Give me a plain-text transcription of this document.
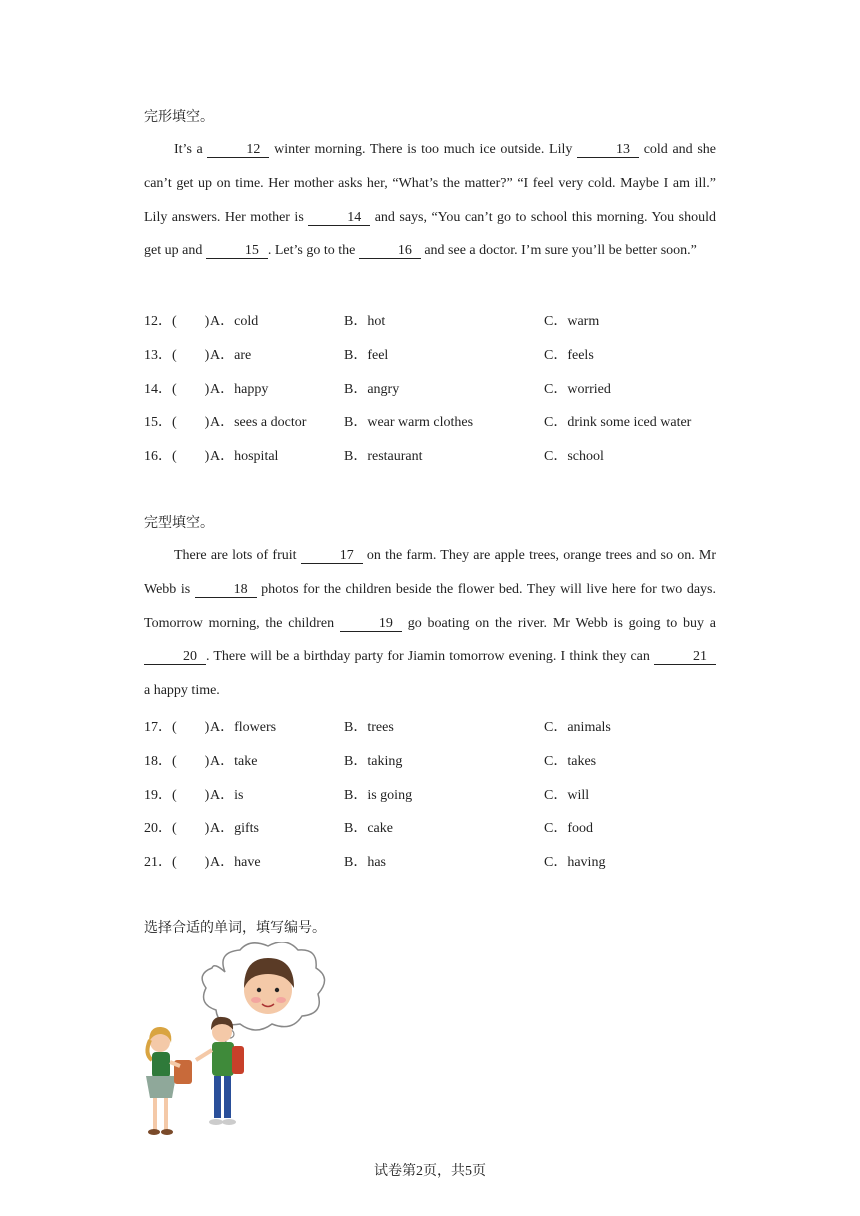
完形填空。
It’s a	12 winter morning. There is too much ice outside. Lily	13 cold and she can’t get up on time. Her mother asks her, “What’s the matter?” “I feel very cold. Maybe I am ill.” Lily answers. Her mother is	14 and says, “You can’t go to school this morning. You should get up and	15 . Let’s go to the	16 and see a doctor. I’m sure you’ll be better soon.”
12．(　　) A．cold	B．hot	C．warm
13．(　　) A．are	B．feel	C．feels
14．(　　) A．happy	B．angry	C．worried
15．(　　) A．sees a doctor	B．wear warm clothes	C．drink some iced water
16．(　　) A．hospital	B．restaurant	C．school
完型填空。
There are lots of fruit	17 on the farm. They are apple trees, orange trees and so on. Mr Webb is	18 photos for the children beside the flower bed. They will live here for two days. Tomorrow morning, the children	19 go boating on the river. Mr Webb is going to buy a 20 . There will be a birthday party for Jiamin tomorrow evening. I think they can	21 a happy time.
17．(　　) A．flowers	B．trees	C．animals
18．(　　) A．take	B．taking	C．takes
19．(　　) A．is	B．is going	C．will
20．(　　) A．gifts	B．cake	C．food
21．(　　) A．have	B．has	C．having
选择合适的单词，填写编号。
试卷第2页，共5页
